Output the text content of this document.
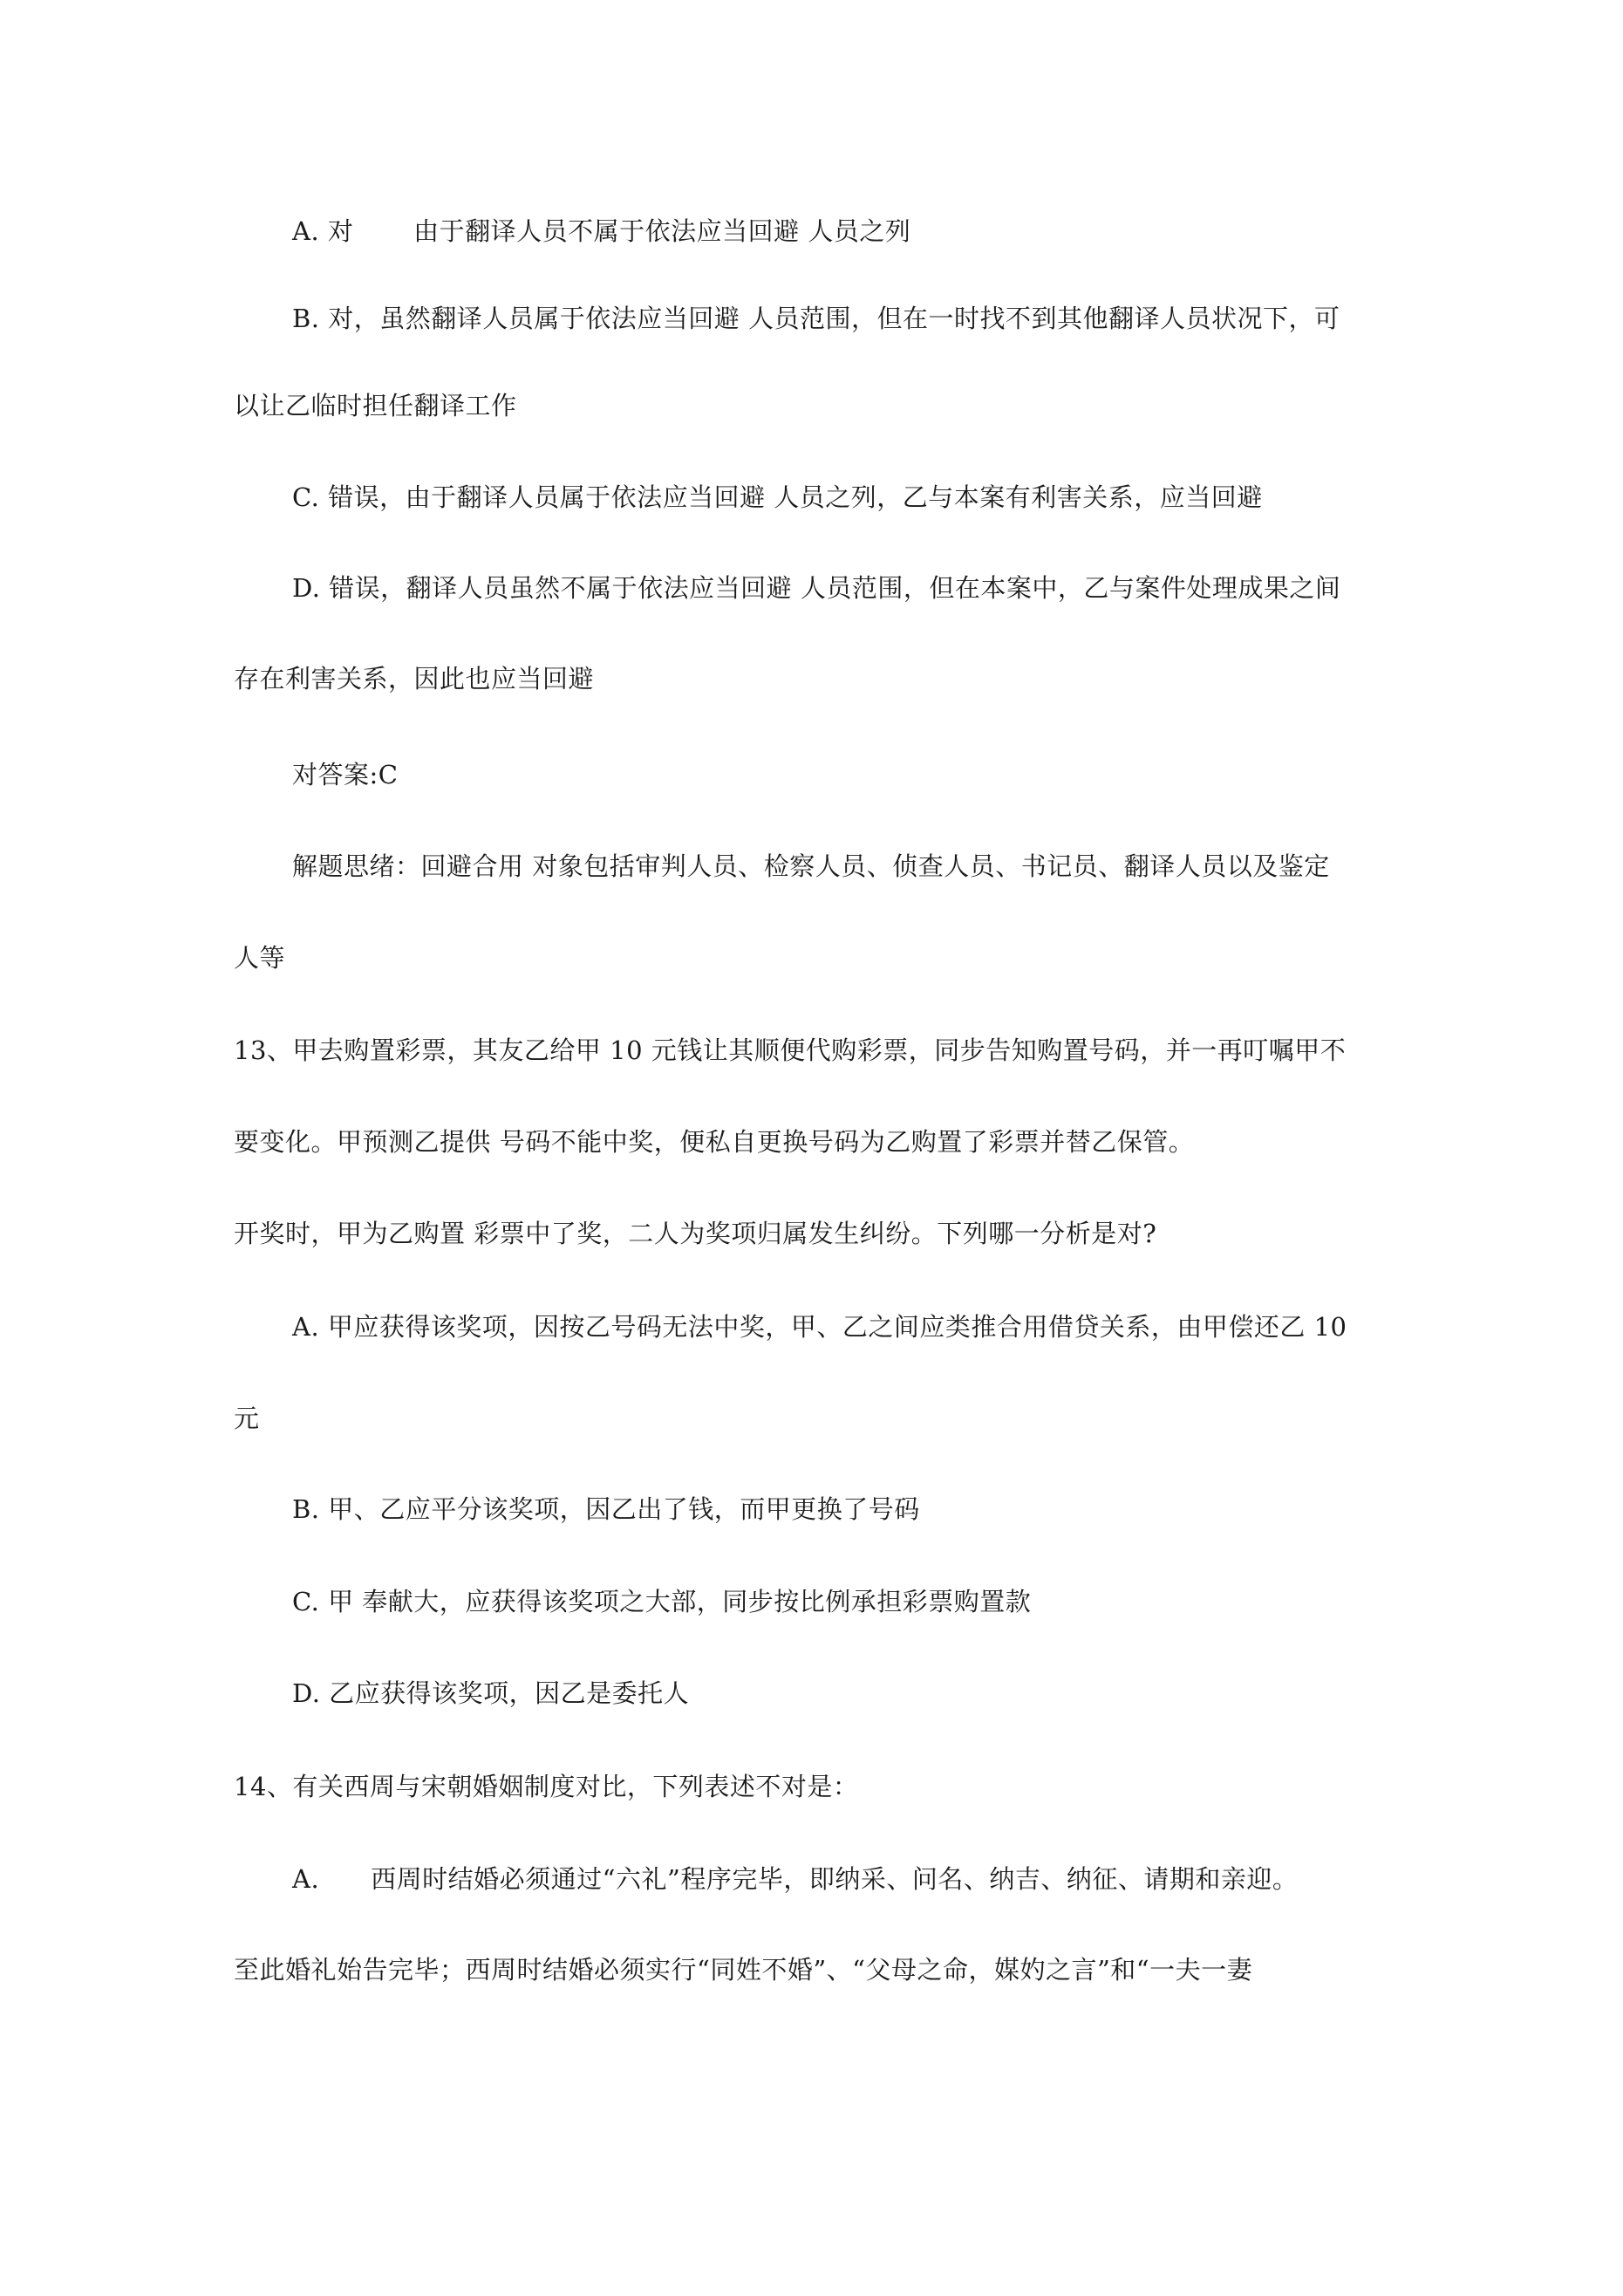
A. 对　　 由于翻译人员不属于依法应当回避 人员之列
B. 对，虽然翻译人员属于依法应当回避 人员范围，但在一时找不到其他翻译人员状况下，可
以让乙临时担任翻译工作
C. 错误，由于翻译人员属于依法应当回避 人员之列，乙与本案有利害关系，应当回避
D. 错误，翻译人员虽然不属于依法应当回避 人员范围，但在本案中，乙与案件处理成果之间
存在利害关系，因此也应当回避
对答案:C
解题思绪：回避合用 对象包括审判人员、检察人员、侦查人员、书记员、翻译人员以及鉴定
人等
13、甲去购置彩票，其友乙给甲 10 元钱让其顺便代购彩票，同步告知购置号码，并一再叮嘱甲不
要变化。甲预测乙提供 号码不能中奖，便私自更换号码为乙购置了彩票并替乙保管。
开奖时，甲为乙购置 彩票中了奖，二人为奖项归属发生纠纷。下列哪一分析是对?
A. 甲应获得该奖项，因按乙号码无法中奖，甲、乙之间应类推合用借贷关系，由甲偿还乙 10
元
B. 甲、乙应平分该奖项，因乙出了钱，而甲更换了号码
C. 甲 奉献大，应获得该奖项之大部，同步按比例承担彩票购置款
D. 乙应获得该奖项，因乙是委托人
14、有关西周与宋朝婚姻制度对比，下列表述不对是：
A.　　西周时结婚必须通过“六礼”程序完毕，即纳采、问名、纳吉、纳征、请期和亲迎。
至此婚礼始告完毕；西周时结婚必须实行“同姓不婚”、“父母之命，媒妁之言”和“一夫一妻
